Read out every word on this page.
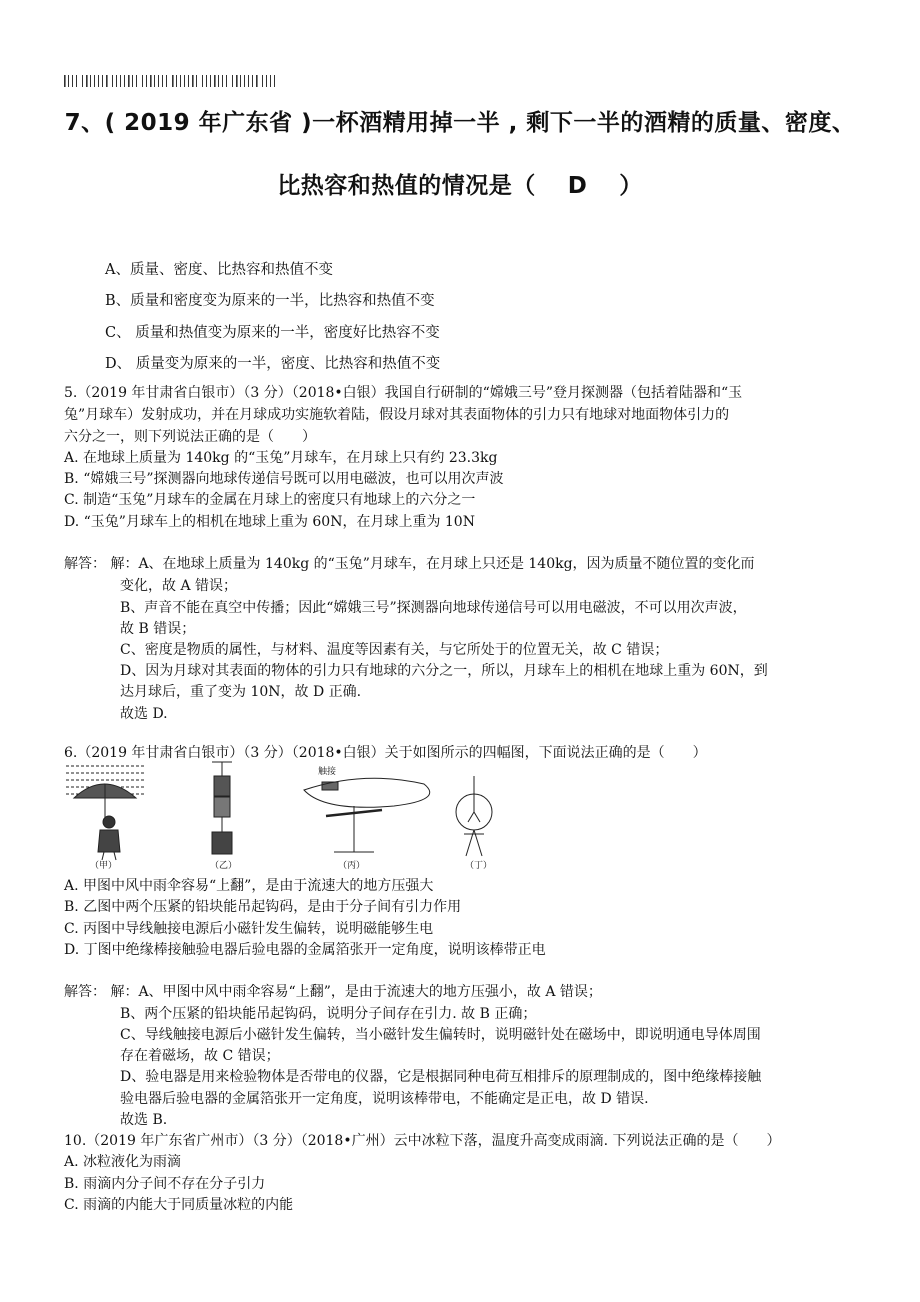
7、( 2019 年广东省 )一杯酒精用掉一半 , 剩下一半的酒精的质量、密度、
比热容和热值的情况是（　 D　 ）
A、质量、密度、比热容和热值不变
B、质量和密度变为原来的一半，比热容和热值不变
C、 质量和热值变为原来的一半，密度好比热容不变
D、 质量变为原来的一半，密度、比热容和热值不变
5.（2019 年甘肃省白银市）（3 分）（2018•白银）我国自行研制的“嫦娥三号”登月探测器（包括着陆器和“玉
兔”月球车）发射成功，并在月球成功实施软着陆，假设月球对其表面物体的引力只有地球对地面物体引力的
六分之一，则下列说法正确的是（　　）
A. 在地球上质量为 140kg 的“玉兔”月球车，在月球上只有约 23.3kg
B. “嫦娥三号”探测器向地球传递信号既可以用电磁波，也可以用次声波
C. 制造“玉兔”月球车的金属在月球上的密度只有地球上的六分之一
D. “玉兔”月球车上的相机在地球上重为 60N，在月球上重为 10N
解答： 解：A、在地球上质量为 140kg 的“玉兔”月球车，在月球上只还是 140kg，因为质量不随位置的变化而
变化，故 A 错误；
B、声音不能在真空中传播；因此“嫦娥三号”探测器向地球传递信号可以用电磁波，不可以用次声波，
故 B 错误；
C、密度是物质的属性，与材料、温度等因素有关，与它所处于的位置无关，故 C 错误；
D、因为月球对其表面的物体的引力只有地球的六分之一，所以，月球车上的相机在地球上重为 60N，到
达月球后，重了变为 10N，故 D 正确.
故选 D.
6.（2019 年甘肃省白银市）（3 分）（2018•白银）关于如图所示的四幅图，下面说法正确的是（　　）
触接
（甲）	（乙）	（丙）	（丁）
A. 甲图中风中雨伞容易“上翻”，是由于流速大的地方压强大
B. 乙图中两个压紧的铅块能吊起钩码，是由于分子间有引力作用
C. 丙图中导线触接电源后小磁针发生偏转，说明磁能够生电
D. 丁图中绝缘棒接触验电器后验电器的金属箔张开一定角度，说明该棒带正电
解答： 解：A、甲图中风中雨伞容易“上翻”，是由于流速大的地方压强小，故 A 错误；
B、两个压紧的铅块能吊起钩码，说明分子间存在引力. 故 B 正确；
C、导线触接电源后小磁针发生偏转，当小磁针发生偏转时，说明磁针处在磁场中，即说明通电导体周围
存在着磁场，故 C 错误；
D、验电器是用来检验物体是否带电的仪器，它是根据同种电荷互相排斥的原理制成的，图中绝缘棒接触
验电器后验电器的金属箔张开一定角度，说明该棒带电，不能确定是正电，故 D 错误.
故选 B.
10.（2019 年广东省广州市）（3 分）（2018•广州）云中冰粒下落，温度升高变成雨滴. 下列说法正确的是（　　）
A. 冰粒液化为雨滴
B. 雨滴内分子间不存在分子引力
C. 雨滴的内能大于同质量冰粒的内能
